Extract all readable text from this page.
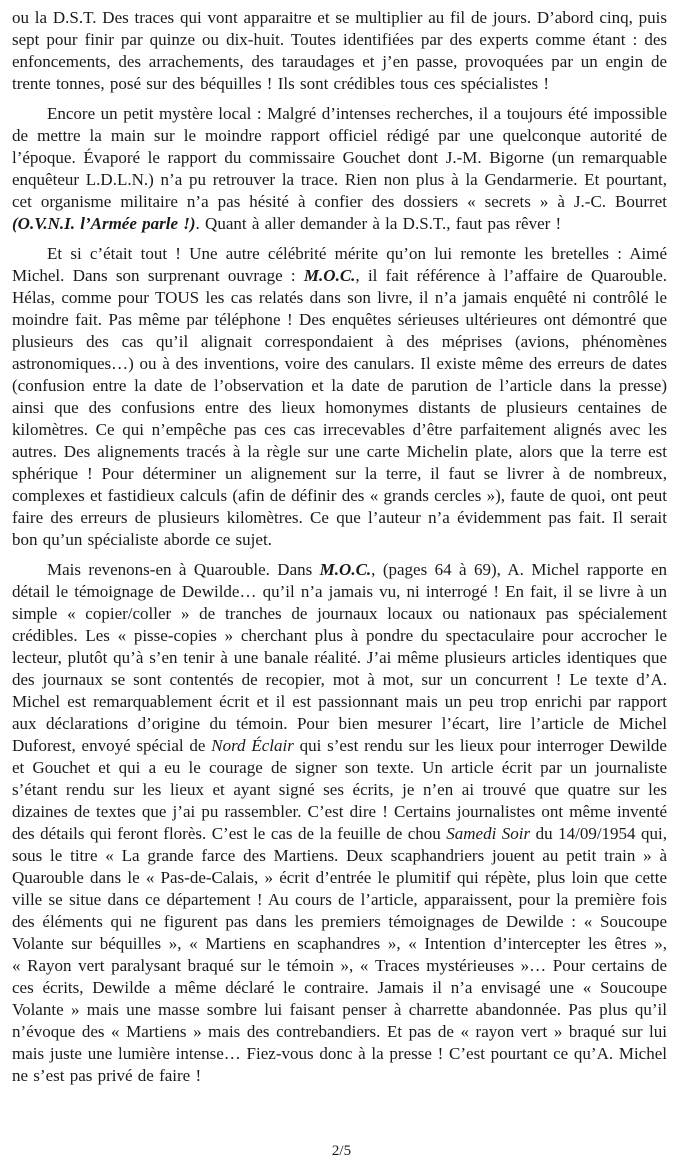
ou la D.S.T. Des traces qui vont apparaitre et se multiplier au fil de jours. D’abord cinq, puis sept pour finir par quinze ou dix-huit. Toutes identifiées par des experts comme étant : des enfoncements, des arrachements, des taraudages et j’en passe, provoquées par un engin de trente tonnes, posé sur des béquilles ! Ils sont crédibles tous ces spécialistes !

Encore un petit mystère local : Malgré d’intenses recherches, il a toujours été impossible de mettre la main sur le moindre rapport officiel rédigé par une quelconque autorité de l’époque. Évaporé le rapport du commissaire Gouchet dont J.-M. Bigorne (un remarquable enquêteur L.D.L.N.) n’a pu retrouver la trace. Rien non plus à la Gendarmerie. Et pourtant, cet organisme militaire n’a pas hésité à confier des dossiers « secrets » à J.-C. Bourret (O.V.N.I. l’Armée parle !). Quant à aller demander à la D.S.T., faut pas rêver !

Et si c’était tout ! Une autre célébrité mérite qu’on lui remonte les bretelles : Aimé Michel. Dans son surprenant ouvrage : M.O.C., il fait référence à l’affaire de Quarouble. Hélas, comme pour TOUS les cas relatés dans son livre, il n’a jamais enquêté ni contrôlé le moindre fait. Pas même par téléphone ! Des enquêtes sérieuses ultérieures ont démontré que plusieurs des cas qu’il alignait correspondaient à des méprises (avions, phénomènes astronomiques…) ou à des inventions, voire des canulars. Il existe même des erreurs de dates (confusion entre la date de l’observation et la date de parution de l’article dans la presse) ainsi que des confusions entre des lieux homonymes distants de plusieurs centaines de kilomètres. Ce qui n’empêche pas ces cas irrecevables d’être parfaitement alignés avec les autres. Des alignements tracés à la règle sur une carte Michelin plate, alors que la terre est sphérique ! Pour déterminer un alignement sur la terre, il faut se livrer à de nombreux, complexes et fastidieux calculs (afin de définir des « grands cercles »), faute de quoi, ont peut faire des erreurs de plusieurs kilomètres. Ce que l’auteur n’a évidemment pas fait. Il serait bon qu’un spécialiste aborde ce sujet.

Mais revenons-en à Quarouble. Dans M.O.C., (pages 64 à 69), A. Michel rapporte en détail le témoignage de Dewilde… qu’il n’a jamais vu, ni interrogé ! En fait, il se livre à un simple « copier/coller » de tranches de journaux locaux ou nationaux pas spécialement crédibles. Les « pisse-copies » cherchant plus à pondre du spectaculaire pour accrocher le lecteur, plutôt qu’à s’en tenir à une banale réalité. J’ai même plusieurs articles identiques que des journaux se sont contentés de recopier, mot à mot, sur un concurrent ! Le texte d’A. Michel est remarquablement écrit et il est passionnant mais un peu trop enrichi par rapport aux déclarations d’origine du témoin. Pour bien mesurer l’écart, lire l’article de Michel Duforest, envoyé spécial de Nord Éclair qui s’est rendu sur les lieux pour interroger Dewilde et Gouchet et qui a eu le courage de signer son texte. Un article écrit par un journaliste s’étant rendu sur les lieux et ayant signé ses écrits, je n’en ai trouvé que quatre sur les dizaines de textes que j’ai pu rassembler. C’est dire ! Certains journalistes ont même inventé des détails qui feront florès. C’est le cas de la feuille de chou Samedi Soir du 14/09/1954 qui, sous le titre « La grande farce des Martiens. Deux scaphandriers jouent au petit train » à Quarouble dans le « Pas-de-Calais, » écrit d’entrée le plumitif qui répète, plus loin que cette ville se situe dans ce département ! Au cours de l’article, apparaissent, pour la première fois des éléments qui ne figurent pas dans les premiers témoignages de Dewilde : « Soucoupe Volante sur béquilles », « Martiens en scaphandres », « Intention d’intercepter les êtres », « Rayon vert paralysant braqué sur le témoin », « Traces mystérieuses »… Pour certains de ces écrits, Dewilde a même déclaré le contraire. Jamais il n’a envisagé une « Soucoupe Volante » mais une masse sombre lui faisant penser à charrette abandonnée. Pas plus qu’il n’évoque des « Martiens » mais des contrebandiers. Et pas de « rayon vert » braqué sur lui mais juste une lumière intense… Fiez-vous donc à la presse ! C’est pourtant ce qu’A. Michel ne s’est pas privé de faire !

2/5
